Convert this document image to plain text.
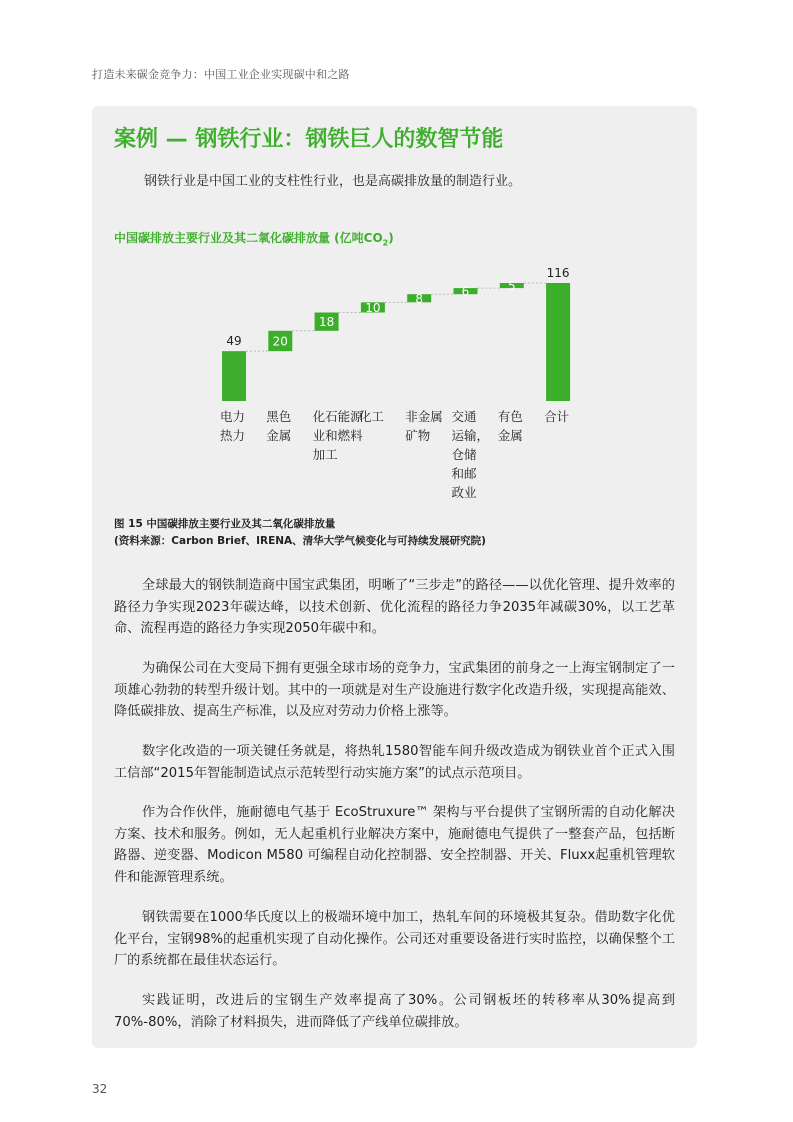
打造未来碳金竞争力：中国工业企业实现碳中和之路
案例 — 钢铁行业：钢铁巨人的数智节能
钢铁行业是中国工业的支柱性行业，也是高碳排放量的制造行业。
中国碳排放主要行业及其二氧化碳排放量 (亿吨$CO_2$)
49	20
18
10
8
6	5
116
电力
热力
黑色
金属
化石能源
业和燃料
加工
化工 非金属
矿物
交通
运输，
仓储
和邮
政业
有色
金属
合计
图 15 中国碳排放主要行业及其二氧化碳排放量
(资料来源：Carbon Brief、IRENA、清华大学气候变化与可持续发展研究院)
全球最大的钢铁制造商中国宝武集团，明晰了“三步走”的路径——以优化管理、提升效率的路径力争实现2023年碳达峰，以技术创新、优化流程的路径力争2035年减碳30%，以工艺革命、流程再造的路径力争实现2050年碳中和。
为确保公司在大变局下拥有更强全球市场的竞争力，宝武集团的前身之一上海宝钢制定了一项雄心勃勃的转型升级计划。其中的一项就是对生产设施进行数字化改造升级，实现提高能效、降低碳排放、提高生产标准，以及应对劳动力价格上涨等。
数字化改造的一项关键任务就是，将热轧1580智能车间升级改造成为钢铁业首个正式入围工信部“2015年智能制造试点示范转型行动实施方案”的试点示范项目。
作为合作伙伴，施耐德电气基于 EcoStruxure™ 架构与平台提供了宝钢所需的自动化解决方案、技术和服务。例如，无人起重机行业解决方案中，施耐德电气提供了一整套产品，包括断路器、逆变器、Modicon M580 可编程自动化控制器、安全控制器、开关、Fluxx起重机管理软件和能源管理系统。
钢铁需要在1000华氏度以上的极端环境中加工，热轧车间的环境极其复杂。借助数字化优化平台，宝钢98%的起重机实现了自动化操作。公司还对重要设备进行实时监控，以确保整个工厂的系统都在最佳状态运行。
实践证明，改进后的宝钢生产效率提高了30%。公司钢板坯的转移率从30%提高到70%-80%，消除了材料损失，进而降低了产线单位碳排放。
32
